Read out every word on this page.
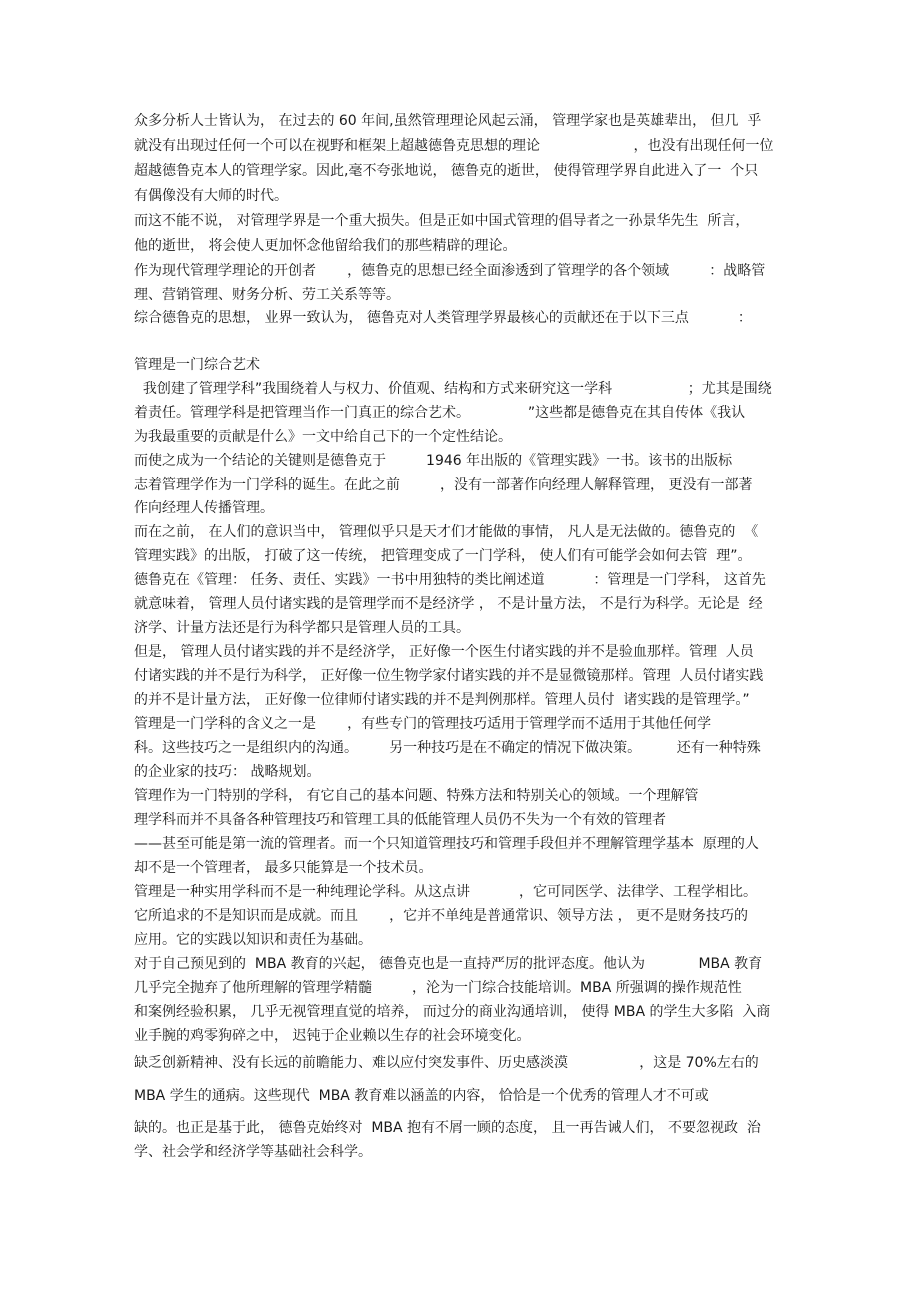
众多分析人士皆认为， 在过去的 60 年间,虽然管理理论风起云涌， 管理学家也是英雄辈出， 但几  乎
就没有出现过任何一个可以在视野和框架上超越德鲁克思想的理论                     ，也没有出现任何一位
超越德鲁克本人的管理学家。因此,毫不夸张地说， 德鲁克的逝世， 使得管理学界自此进入了一  个只
有偶像没有大师的时代。
而这不能不说， 对管理学界是一个重大损失。但是正如中国式管理的倡导者之一孙景华先生  所言，
他的逝世， 将会使人更加怀念他留给我们的那些精辟的理论。
作为现代管理学理论的开创者       ，德鲁克的思想已经全面渗透到了管理学的各个领域         ：战略管
理、营销管理、财务分析、劳工关系等等。
综合德鲁克的思想， 业界一致认为， 德鲁克对人类管理学界最核心的贡献还在于以下三点           ：
管理是一门综合艺术
我创建了管理学科”我围绕着人与权力、价值观、结构和方式来研究这一学科                 ；尤其是围绕
着责任。管理学科是把管理当作一门真正的综合艺术。             ”这些都是德鲁克在其自传体《我认
为我最重要的贡献是什么》一文中给自己下的一个定性结论。
而使之成为一个结论的关键则是德鲁克于         1946 年出版的《管理实践》一书。该书的出版标
志着管理学作为一门学科的诞生。在此之前         ，没有一部著作向经理人解释管理， 更没有一部著
作向经理人传播管理。
而在之前， 在人们的意识当中， 管理似乎只是天才们才能做的事情， 凡人是无法做的。德鲁克的  《
管理实践》的出版， 打破了这一传统， 把管理变成了一门学科， 使人们有可能学会如何去管  理”。
德鲁克在《管理： 任务、责任、实践》一书中用独特的类比阐述道           ：管理是一门学科， 这首先
就意味着， 管理人员付诸实践的是管理学而不是经济学 ， 不是计量方法， 不是行为科学。无论是  经
济学、计量方法还是行为科学都只是管理人员的工具。
但是， 管理人员付诸实践的并不是经济学， 正好像一个医生付诸实践的并不是验血那样。管理  人员
付诸实践的并不是行为科学， 正好像一位生物学家付诸实践的并不是显微镜那样。管理  人员付诸实践
的并不是计量方法， 正好像一位律师付诸实践的并不是判例那样。管理人员付  诸实践的是管理学。”
管理是一门学科的含义之一是       ，有些专门的管理技巧适用于管理学而不适用于其他任何学
科。这些技巧之一是组织内的沟通。       另一种技巧是在不确定的情况下做决策。        还有一种特殊
的企业家的技巧： 战略规划。
管理作为一门特别的学科， 有它自己的基本问题、特殊方法和特别关心的领域。一个理解管
理学科而并不具备各种管理技巧和管理工具的低能管理人员仍不失为一个有效的管理者
——甚至可能是第一流的管理者。而一个只知道管理技巧和管理手段但并不理解管理学基本  原理的人
却不是一个管理者， 最多只能算是一个技术员。
管理是一种实用学科而不是一种纯理论学科。从这点讲           ，它可同医学、法律学、工程学相比。
它所追求的不是知识而是成就。而且       ，它并不单纯是普通常识、领导方法 ， 更不是财务技巧的
应用。它的实践以知识和责任为基础。
对于自己预见到的  MBA 教育的兴起， 德鲁克也是一直持严厉的批评态度。他认为            MBA 教育
几乎完全抛弃了他所理解的管理学精髓         ，沦为一门综合技能培训。MBA 所强调的操作规范性
和案例经验积累， 几乎无视管理直觉的培养， 而过分的商业沟通培训， 使得 MBA 的学生大多陷  入商
业手腕的鸡零狗碎之中， 迟钝于企业赖以生存的社会环境变化。
缺乏创新精神、没有长远的前瞻能力、难以应付突发事件、历史感淡漠                ，这是 70%左右的
MBA 学生的通病。这些现代  MBA 教育难以涵盖的内容， 恰恰是一个优秀的管理人才不可或
缺的。也正是基于此， 德鲁克始终对  MBA 抱有不屑一顾的态度， 且一再告诫人们， 不要忽视政  治
学、社会学和经济学等基础社会科学。
